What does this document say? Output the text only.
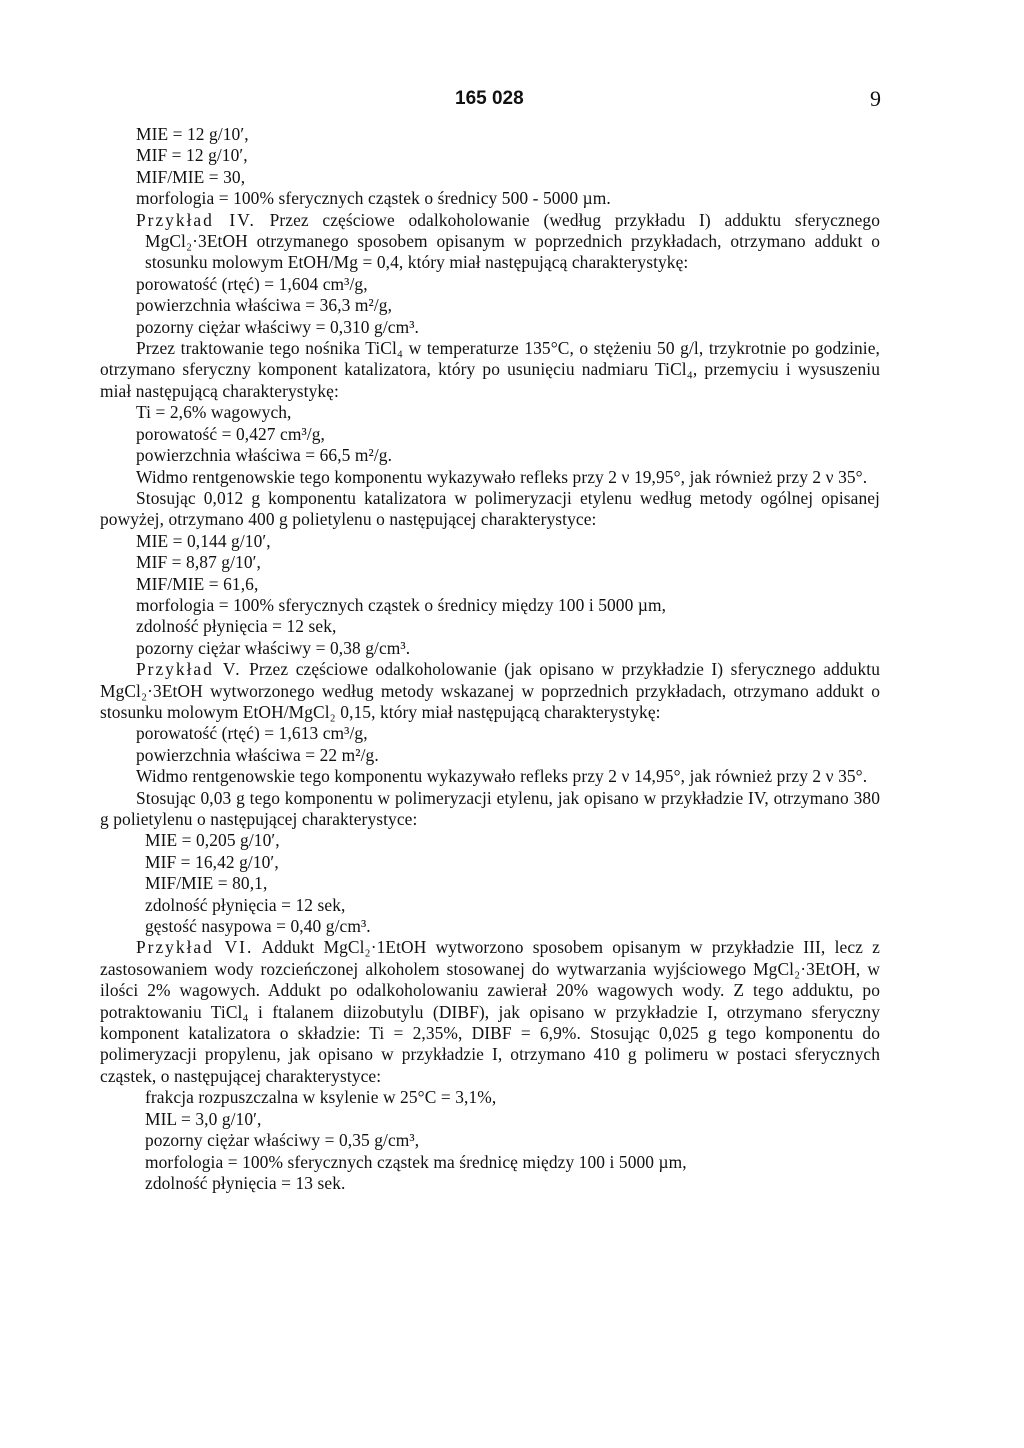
165 028	9

MIE = 12 g/10′,

MIF = 12 g/10′,

MIF/MIE = 30,

morfologia = 100% sferycznych cząstek o średnicy 500 - 5000 µm.

Przykład IV. Przez częściowe odalkoholowanie (według przykładu I) adduktu sferycznego MgCl₂·3EtOH otrzymanego sposobem opisanym w poprzednich przykładach, otrzymano addukt o stosunku molowym EtOH/Mg = 0,4, który miał następującą charakterystykę:

porowatość (rtęć) = 1,604 cm³/g,

powierzchnia właściwa = 36,3 m²/g,

pozorny ciężar właściwy = 0,310 g/cm³.

Przez traktowanie tego nośnika TiCl₄ w temperaturze 135°C, o stężeniu 50 g/l, trzykrotnie po godzinie, otrzymano sferyczny komponent katalizatora, który po usunięciu nadmiaru TiCl₄, przemyciu i wysuszeniu miał następującą charakterystykę:

Ti = 2,6% wagowych,

porowatość = 0,427 cm³/g,

powierzchnia właściwa = 66,5 m²/g.

Widmo rentgenowskie tego komponentu wykazywało refleks przy 2 ν 19,95°, jak również przy 2 ν 35°.

Stosując 0,012 g komponentu katalizatora w polimeryzacji etylenu według metody ogólnej opisanej powyżej, otrzymano 400 g polietylenu o następującej charakterystyce:

MIE = 0,144 g/10′,

MIF = 8,87 g/10′,

MIF/MIE = 61,6,

morfologia = 100% sferycznych cząstek o średnicy między 100 i 5000 µm,

zdolność płynięcia = 12 sek,

pozorny ciężar właściwy = 0,38 g/cm³.

Przykład V. Przez częściowe odalkoholowanie (jak opisano w przykładzie I) sferycznego adduktu MgCl₂·3EtOH wytworzonego według metody wskazanej w poprzednich przykładach, otrzymano addukt o stosunku molowym EtOH/MgCl₂ 0,15, który miał następującą charakterystykę:

porowatość (rtęć) = 1,613 cm³/g,

powierzchnia właściwa = 22 m²/g.

Widmo rentgenowskie tego komponentu wykazywało refleks przy 2 ν 14,95°, jak również przy 2 ν 35°.

Stosując 0,03 g tego komponentu w polimeryzacji etylenu, jak opisano w przykładzie IV, otrzymano 380 g polietylenu o następującej charakterystyce:

MIE = 0,205 g/10′,

MIF = 16,42 g/10′,

MIF/MIE = 80,1,

zdolność płynięcia = 12 sek,

gęstość nasypowa = 0,40 g/cm³.

Przykład VI. Addukt MgCl₂·1EtOH wytworzono sposobem opisanym w przykładzie III, lecz z zastosowaniem wody rozcieńczonej alkoholem stosowanej do wytwarzania wyjściowego MgCl₂·3EtOH, w ilości 2% wagowych. Addukt po odalkoholowaniu zawierał 20% wagowych wody. Z tego adduktu, po potraktowaniu TiCl₄ i ftalanem diizobutylu (DIBF), jak opisano w przykładzie I, otrzymano sferyczny komponent katalizatora o składzie: Ti = 2,35%, DIBF = 6,9%. Stosując 0,025 g tego komponentu do polimeryzacji propylenu, jak opisano w przykładzie I, otrzymano 410 g polimeru w postaci sferycznych cząstek, o następującej charakterystyce:

frakcja rozpuszczalna w ksylenie w 25°C = 3,1%,

MIL = 3,0 g/10′,

pozorny ciężar właściwy = 0,35 g/cm³,

morfologia = 100% sferycznych cząstek ma średnicę między 100 i 5000 µm,

zdolność płynięcia = 13 sek.
